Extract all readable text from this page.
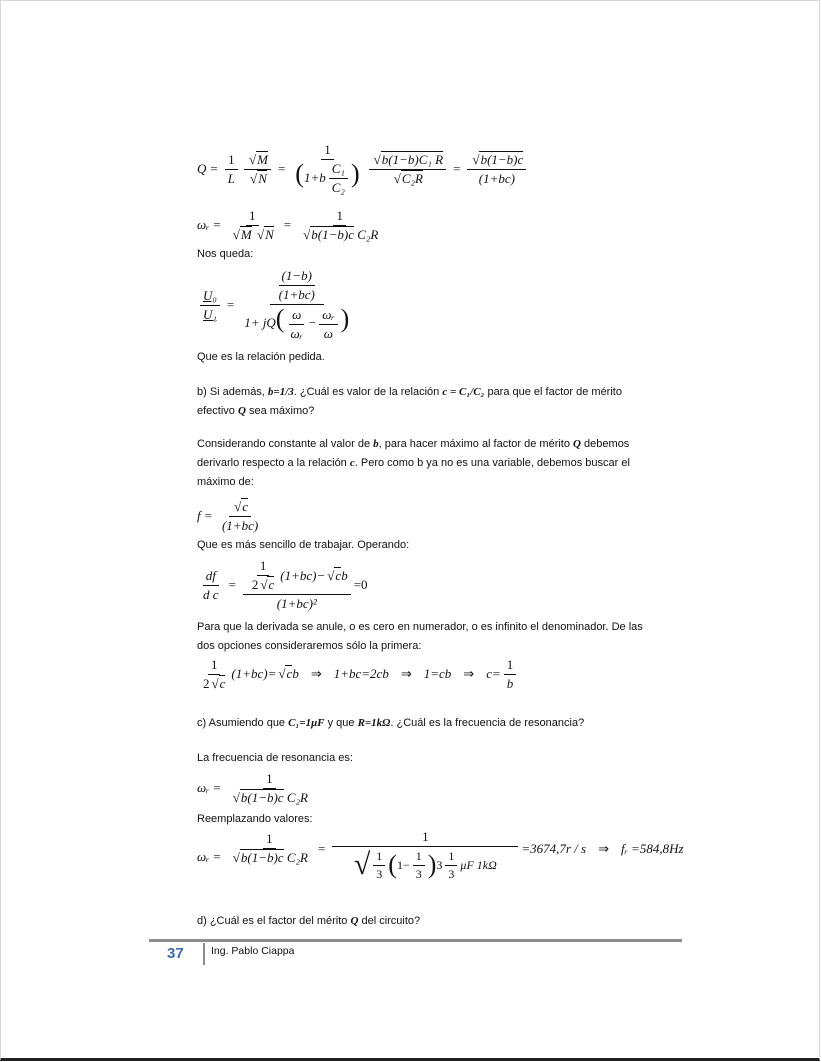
$Q = \frac{1}{L}$ √ M
√ $N = \frac{1}{(1+b \frac{\text{C₁}}{\text{C₂}} )}$ √ b(1−b)C₁ R
√ C₂R = √ $\frac{b(1-b)c}{(1+bc)}$
ωᵣ = 1
√ M √ N = 1
√ b(1−b)c C₂R
Nos queda:
$\frac{\text{U₀}}{\text{U₁}} = \frac{\frac{(1-b)}{(1+bc)}}{1+ jQ( \frac{\omega}{\text{ωᵣ}} - \frac{\text{ωᵣ}}{\omega} )}$
Que es la relación pedida.
b) Si además, b=1/3. ¿Cuál es valor de la relación c = C₁/C₂ para que el factor de mérito
efectivo Q sea máximo?
Considerando constante al valor de b, para hacer máximo al factor de mérito Q debemos
derivarlo respecto a la relación c. Pero como b ya no es una variable, debemos buscar el
máximo de:
f = √ $\frac{c}{(1+bc)}$
Que es más sencillo de trabajar. Operando:
$\frac{df}{\text{d c}} = \frac{\frac{1}{2 √ c} (1+bc)- √ c b}{\text{(1+bc)²}} =0$
Para que la derivada se anule, o es cero en numerador, o es infinito el denominador. De las
dos opciones consideraremos sólo la primera:
$\frac{1}{2 √ c} (1+bc)=$ √ c b ⇒ 1+bc=2cb ⇒ 1=cb ⇒ $c= \frac{1}{b}$
c) Asumiendo que C₁=1μF y que R=1kΩ. ¿Cuál es la frecuencia de resonancia?
La frecuencia de resonancia es:
ωᵣ = 1
√ b(1−b)c C₂R
Reemplazando valores:
ωᵣ = 1
√ b(1−b)c $C_2R = \frac{1}{√ \frac{1}{3} ( 1- \frac{1}{3} ) 3 \frac{1}{3} \mu F 1k\Omega} =3674,7r / s$ ⇒ fᵣ =584,8Hz
d) ¿Cuál es el factor del mérito Q del circuito?
37	Ing. Pablo Ciappa
